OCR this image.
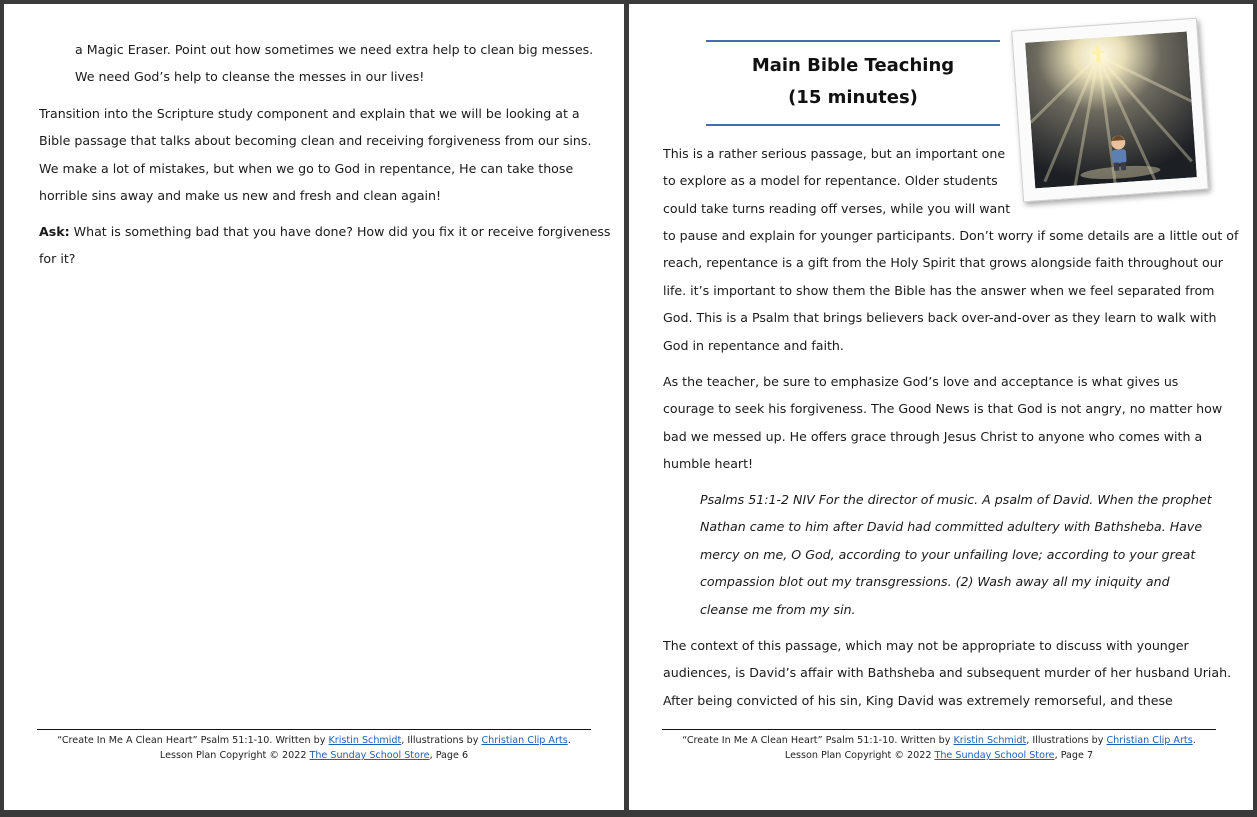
a Magic Eraser. Point out how sometimes we need extra help to clean big messes.
We need God’s help to cleanse the messes in our lives!
Transition into the Scripture study component and explain that we will be looking at a
Bible passage that talks about becoming clean and receiving forgiveness from our sins.
We make a lot of mistakes, but when we go to God in repentance, He can take those
horrible sins away and make us new and fresh and clean again!
Ask: What is something bad that you have done? How did you fix it or receive forgiveness
for it?
“Create In Me A Clean Heart” Psalm 51:1-10. Written by Kristin Schmidt, Illustrations by Christian Clip Arts.
Lesson Plan Copyright © 2022 The Sunday School Store, Page 6
Main Bible Teaching
(15 minutes)
This is a rather serious passage, but an important one
to explore as a model for repentance. Older students
could take turns reading off verses, while you will want
to pause and explain for younger participants. Don’t worry if some details are a little out of
reach, repentance is a gift from the Holy Spirit that grows alongside faith throughout our
life. it’s important to show them the Bible has the answer when we feel separated from
God. This is a Psalm that brings believers back over-and-over as they learn to walk with
God in repentance and faith.
As the teacher, be sure to emphasize God’s love and acceptance is what gives us
courage to seek his forgiveness. The Good News is that God is not angry, no matter how
bad we messed up. He offers grace through Jesus Christ to anyone who comes with a
humble heart!
Psalms 51:1-2 NIV For the director of music. A psalm of David. When the prophet
Nathan came to him after David had committed adultery with Bathsheba. Have
mercy on me, O God, according to your unfailing love; according to your great
compassion blot out my transgressions. (2) Wash away all my iniquity and
cleanse me from my sin.
The context of this passage, which may not be appropriate to discuss with younger
audiences, is David’s affair with Bathsheba and subsequent murder of her husband Uriah.
After being convicted of his sin, King David was extremely remorseful, and these
“Create In Me A Clean Heart” Psalm 51:1-10. Written by Kristin Schmidt, Illustrations by Christian Clip Arts.
Lesson Plan Copyright © 2022 The Sunday School Store, Page 7
